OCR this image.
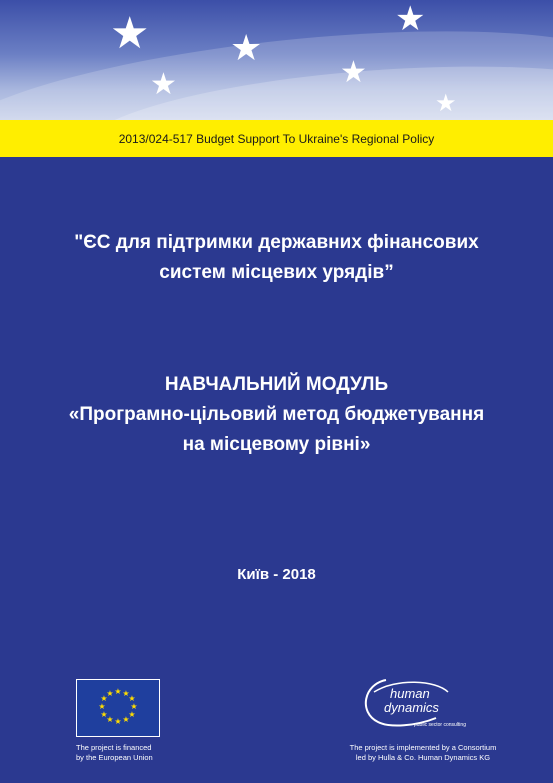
★ ★
★
★
★
★
2013/024-517 Budget Support To Ukraine's Regional Policy
"ЄС для підтримки державних фінансових
систем місцевих урядів”
НАВЧАЛЬНИЙ МОДУЛЬ
«Програмно-цільовий метод бюджетування
на місцевому рівні»
Київ - 2018
★ ★
★
★
★
★
★
★
★
★
★
★
The project is financed
by the European Union
human
dynamics
public sector consulting
The project is implemented by a Consortium
led by Hulla & Co. Human Dynamics KG
